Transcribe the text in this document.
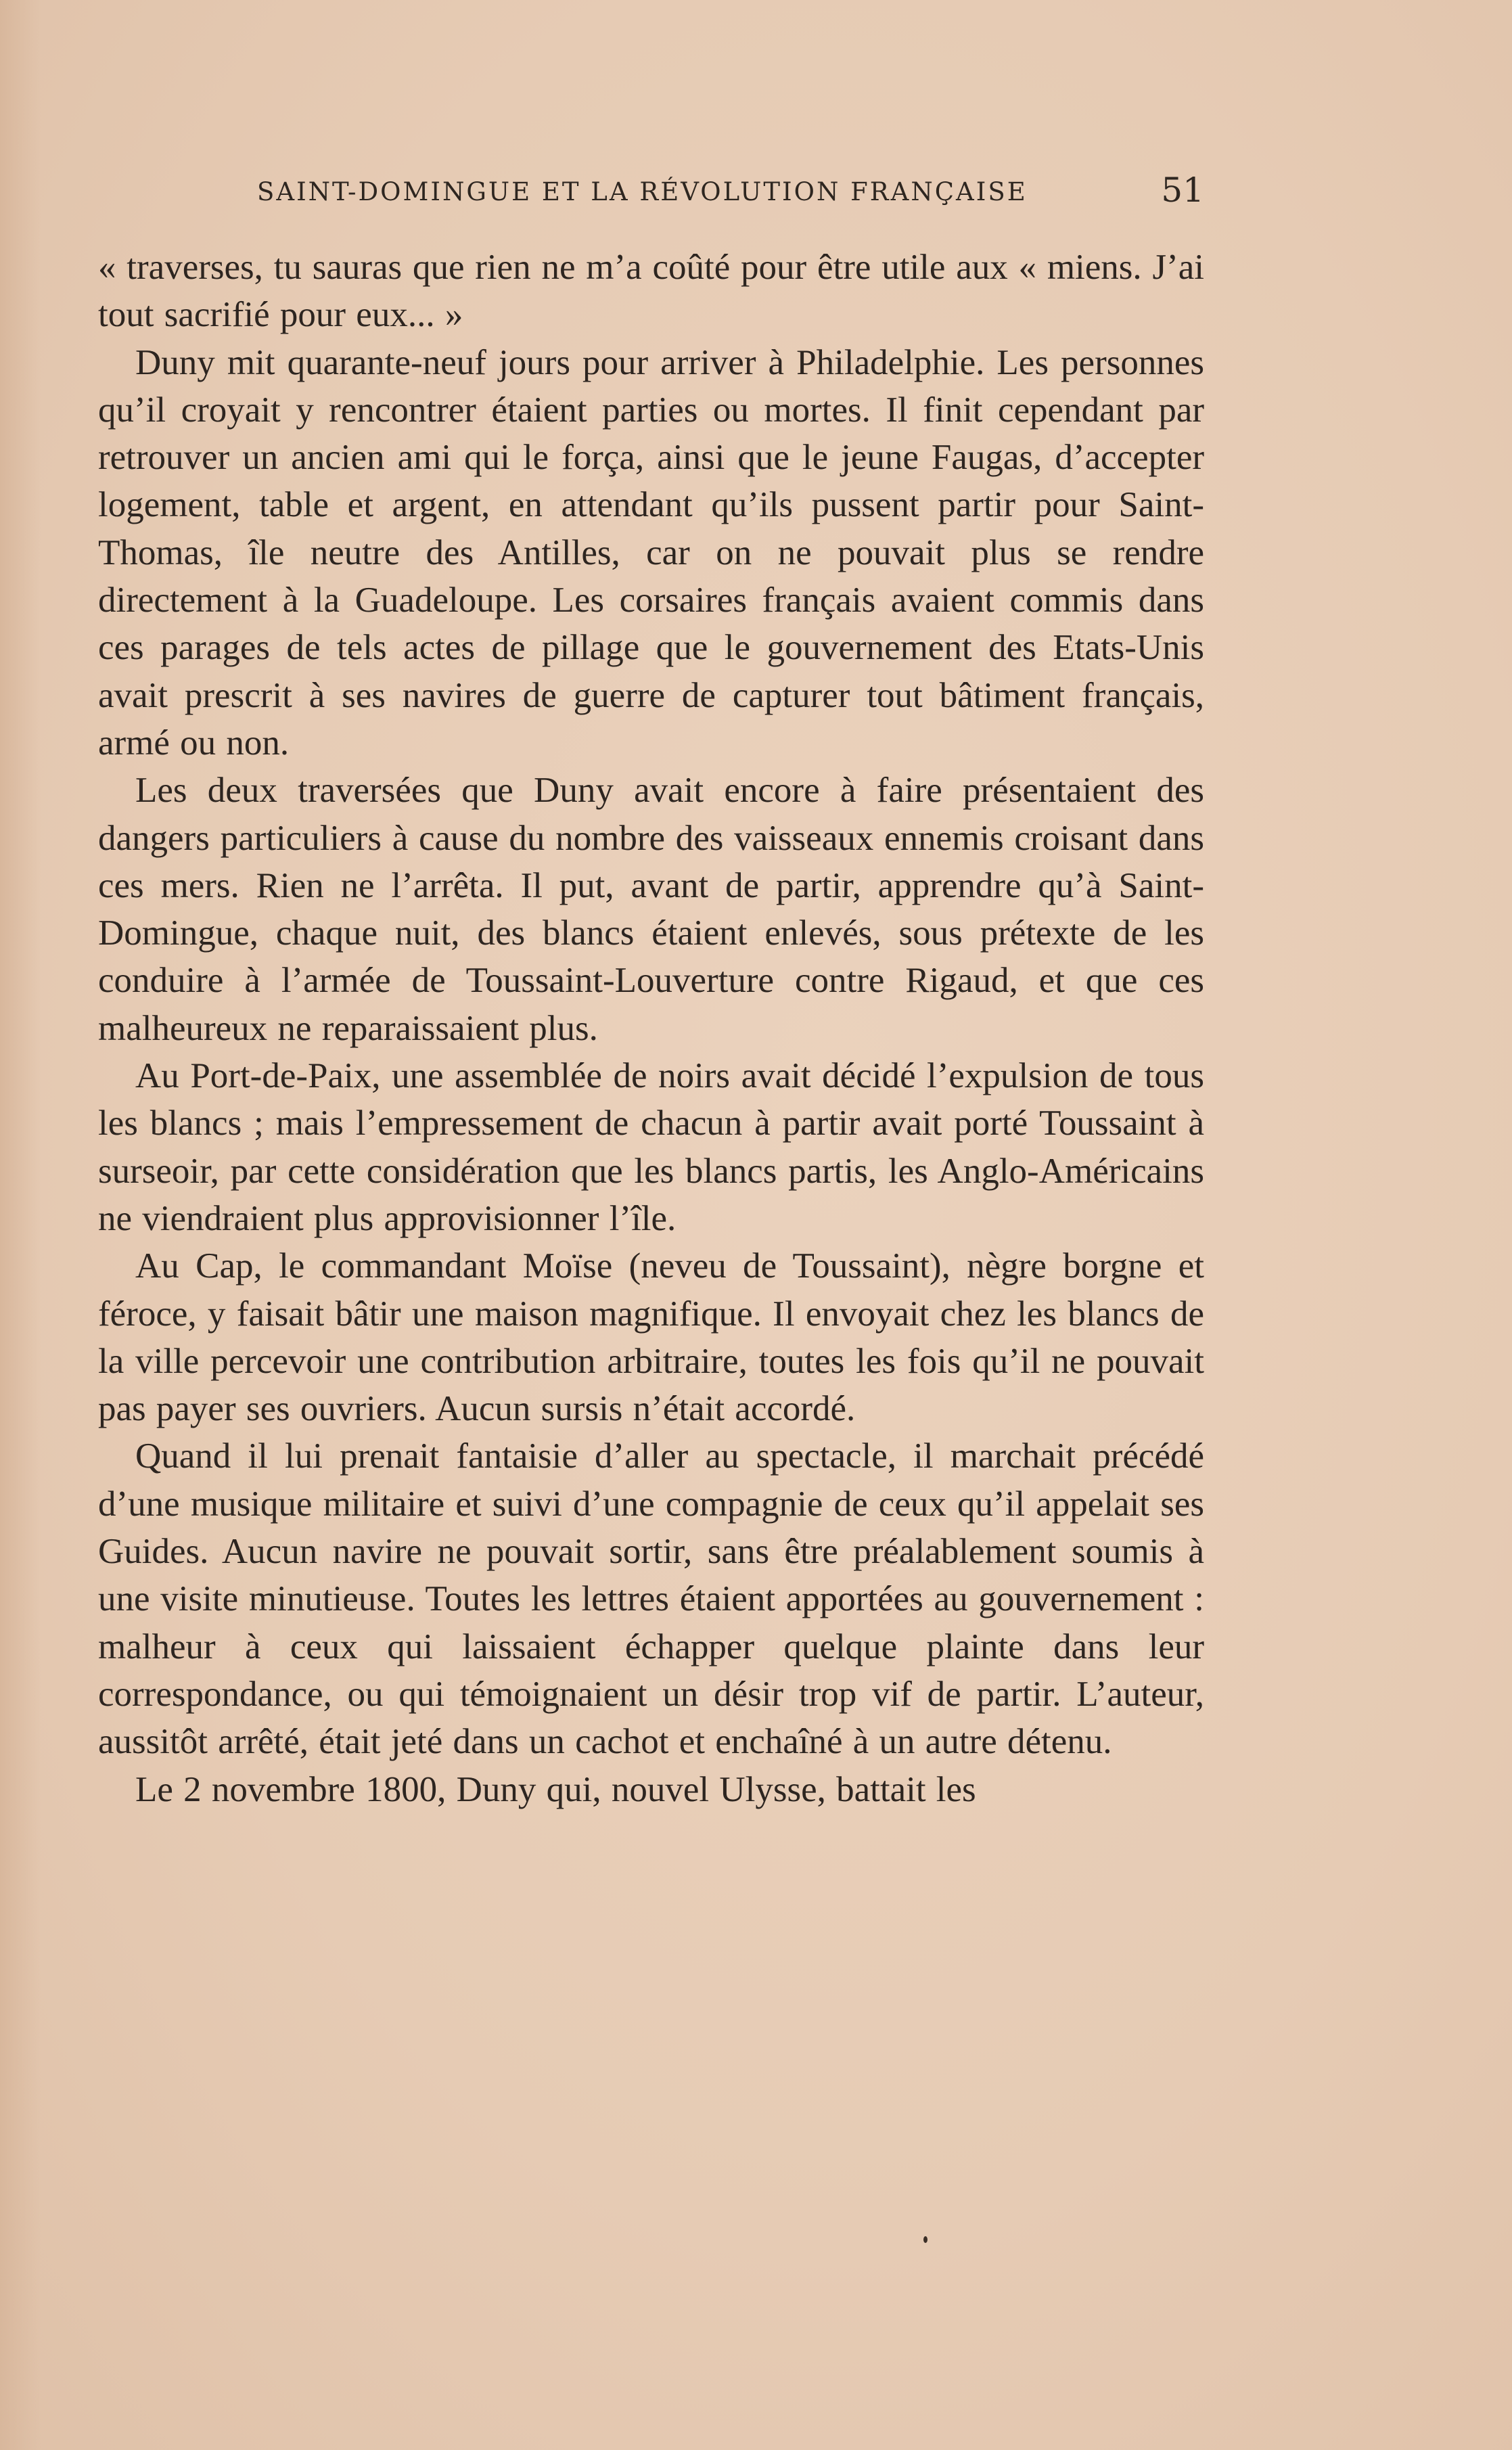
SAINT-DOMINGUE ET LA RÉVOLUTION FRANÇAISE	51

« traverses, tu sauras que rien ne m’a coûté pour être utile aux « miens. J’ai tout sacrifié pour eux... »

Duny mit quarante-neuf jours pour arriver à Philadelphie. Les personnes qu’il croyait y rencontrer étaient parties ou mortes. Il finit cependant par retrouver un ancien ami qui le força, ainsi que le jeune Faugas, d’accepter logement, table et argent, en attendant qu’ils pussent partir pour Saint-Thomas, île neutre des Antilles, car on ne pouvait plus se rendre directement à la Guadeloupe. Les corsaires français avaient commis dans ces parages de tels actes de pillage que le gouvernement des Etats-Unis avait prescrit à ses navires de guerre de capturer tout bâtiment français, armé ou non.

Les deux traversées que Duny avait encore à faire présentaient des dangers particuliers à cause du nombre des vaisseaux ennemis croisant dans ces mers. Rien ne l’arrêta. Il put, avant de partir, apprendre qu’à Saint-Domingue, chaque nuit, des blancs étaient enlevés, sous prétexte de les conduire à l’armée de Toussaint-Louverture contre Rigaud, et que ces malheureux ne reparaissaient plus.

Au Port-de-Paix, une assemblée de noirs avait décidé l’expulsion de tous les blancs ; mais l’empressement de chacun à partir avait porté Toussaint à surseoir, par cette considération que les blancs partis, les Anglo-Américains ne viendraient plus approvisionner l’île.

Au Cap, le commandant Moïse (neveu de Toussaint), nègre borgne et féroce, y faisait bâtir une maison magnifique. Il envoyait chez les blancs de la ville percevoir une contribution arbitraire, toutes les fois qu’il ne pouvait pas payer ses ouvriers. Aucun sursis n’était accordé.

Quand il lui prenait fantaisie d’aller au spectacle, il marchait précédé d’une musique militaire et suivi d’une compagnie de ceux qu’il appelait ses Guides. Aucun navire ne pouvait sortir, sans être préalablement soumis à une visite minutieuse. Toutes les lettres étaient apportées au gouvernement : malheur à ceux qui laissaient échapper quelque plainte dans leur correspondance, ou qui témoignaient un désir trop vif de partir. L’auteur, aussitôt arrêté, était jeté dans un cachot et enchaîné à un autre détenu.

Le 2 novembre 1800, Duny qui, nouvel Ulysse, battait les
